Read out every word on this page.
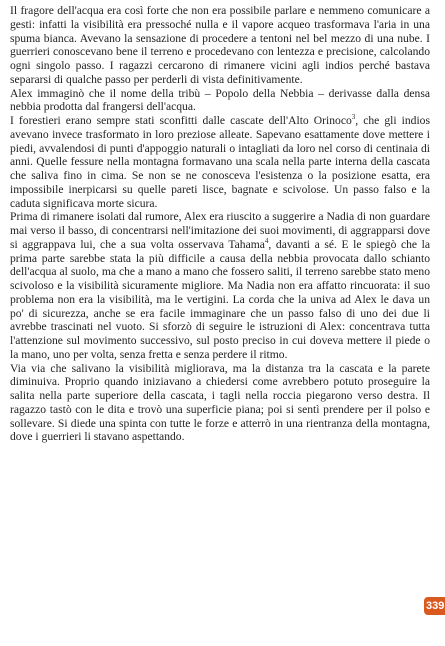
Il fragore dell'acqua era così forte che non era possibile parlare e nemmeno comunicare a gesti: infatti la visibilità era pressoché nulla e il vapore acqueo trasformava l'aria in una spuma bianca. Avevano la sensazione di procedere a tentoni nel bel mezzo di una nube. I guerrieri conoscevano bene il terreno e procedevano con lentezza e precisione, calcolando ogni singolo passo. I ragazzi cercarono di rimanere vicini agli indios perché bastava separarsi di qualche passo per perderli di vista definitivamente.

Alex immaginò che il nome della tribù – Popolo della Nebbia – derivasse dalla densa nebbia prodotta dal frangersi dell'acqua.

I forestieri erano sempre stati sconfitti dalle cascate dell'Alto Orinoco$^3$, che gli indios avevano invece trasformato in loro preziose alleate. Sapevano esattamente dove mettere i piedi, avvalendosi di punti d'appoggio naturali o intagliati da loro nel corso di centinaia di anni. Quelle fessure nella montagna formavano una scala nella parte interna della cascata che saliva fino in cima. Se non se ne conosceva l'esistenza o la posizione esatta, era impossibile inerpicarsi su quelle pareti lisce, bagnate e scivolose. Un passo falso e la caduta significava morte sicura.

Prima di rimanere isolati dal rumore, Alex era riuscito a suggerire a Nadia di non guardare mai verso il basso, di concentrarsi nell'imitazione dei suoi movimenti, di aggrapparsi dove si aggrappava lui, che a sua volta osservava Tahama$^4$, davanti a sé. E le spiegò che la prima parte sarebbe stata la più difficile a causa della nebbia provocata dallo schianto dell'acqua al suolo, ma che a mano a mano che fossero saliti, il terreno sarebbe stato meno scivoloso e la visibilità sicuramente migliore. Ma Nadia non era affatto rincuorata: il suo problema non era la visibilità, ma le vertigini. La corda che la univa ad Alex le dava un po' di sicurezza, anche se era facile immaginare che un passo falso di uno dei due li avrebbe trascinati nel vuoto. Si sforzò di seguire le istruzioni di Alex: concentrava tutta l'attenzione sul movimento successivo, sul posto preciso in cui doveva mettere il piede o la mano, uno per volta, senza fretta e senza perdere il ritmo.

Via via che salivano la visibilità migliorava, ma la distanza tra la cascata e la parete diminuiva. Proprio quando iniziavano a chiedersi come avrebbero potuto proseguire la salita nella parte superiore della cascata, i tagli nella roccia piegarono verso destra. Il ragazzo tastò con le dita e trovò una superficie piana; poi si sentì prendere per il polso e sollevare. Si diede una spinta con tutte le forze e atterrò in una rientranza della montagna, dove i guerrieri li stavano aspettando.

339
